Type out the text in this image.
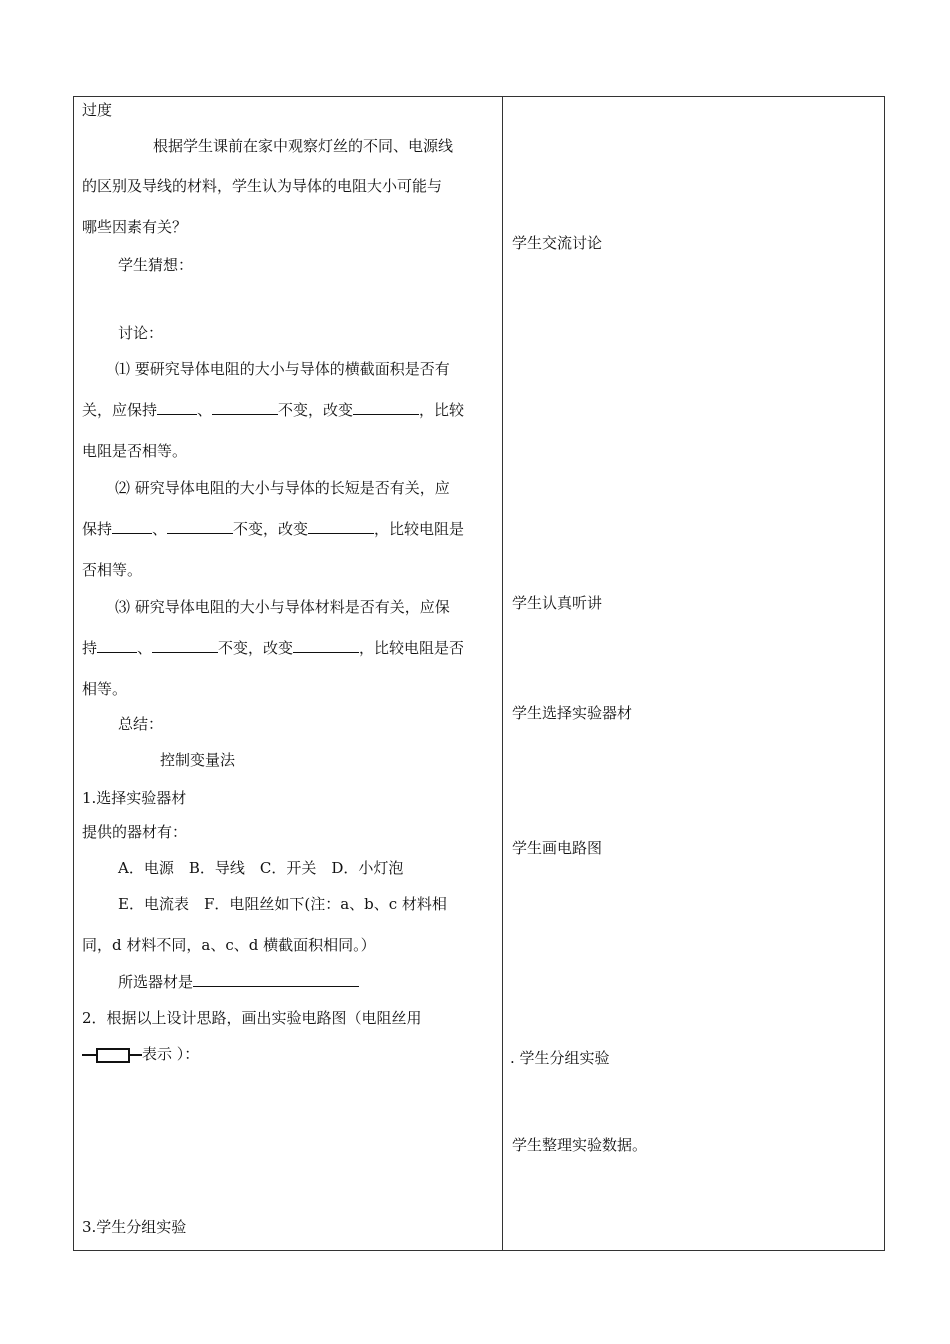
过度
根据学生课前在家中观察灯丝的不同、电源线
的区别及导线的材料，学生认为导体的电阻大小可能与
哪些因素有关？
学生猜想：
讨论：
⑴ 要研究导体电阻的大小与导体的横截面积是否有
关，应保持	、	不变，改变	，比较
电阻是否相等。
⑵ 研究导体电阻的大小与导体的长短是否有关，应
保持	、	不变，改变	，比较电阻是
否相等。
⑶ 研究导体电阻的大小与导体材料是否有关，应保
持	、	不变，改变	，比较电阻是否
相等。
总结：
控制变量法
1.选择实验器材
提供的器材有：
A．电源　B．导线　C．开关　D．小灯泡
E．电流表　F．电阻丝如下(注：a、b、c 材料相
同，d 材料不同，a、c、d 横截面积相同。）
所选器材是
2．根据以上设计思路，画出实验电路图（电阻丝用
表示 ）：
3.学生分组实验
学生交流讨论
学生认真听讲
学生选择实验器材
学生画电路图
. 学生分组实验
学生整理实验数据。
